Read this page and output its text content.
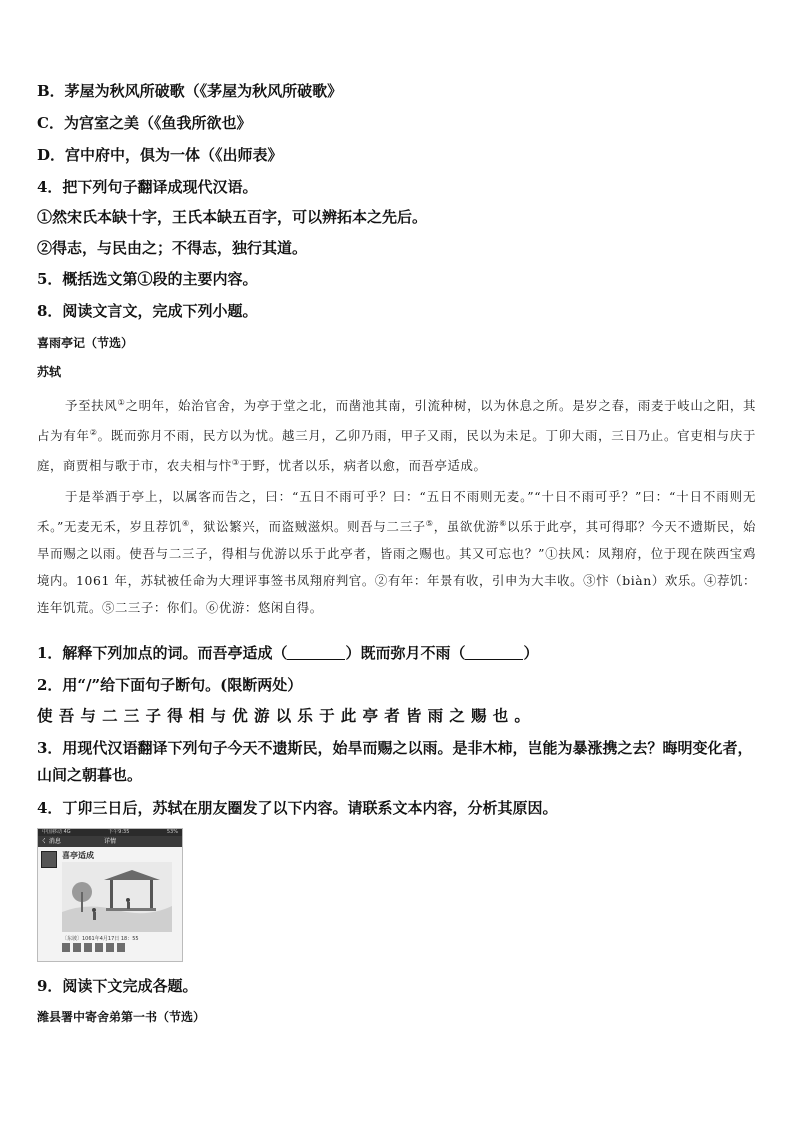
B．茅屋为秋风所破歌（《茅屋为秋风所破歌》
C．为宫室之美（《鱼我所欲也》
D．宫中府中，俱为一体（《出师表》
4．把下列句子翻译成现代汉语。
①然宋氏本缺十字，王氏本缺五百字，可以辨拓本之先后。
②得志，与民由之；不得志，独行其道。
5．概括选文第①段的主要内容。
8．阅读文言文，完成下列小题。
喜雨亭记（节选）
苏轼
予至扶风①之明年，始治官舍，为亭于堂之北，而凿池其南，引流种树，以为休息之所。是岁之春，雨麦于岐山之阳，其占为有年②。既而弥月不雨，民方以为忧。越三月，乙卯乃雨，甲子又雨，民以为未足。丁卯大雨，三日乃止。官吏相与庆于庭，商贾相与歌于市，农夫相与忭③于野，忧者以乐，病者以愈，而吾亭适成。
于是举酒于亭上，以属客而告之，曰：“五日不雨可乎？曰：“五日不雨则无麦。”“十日不雨可乎？”曰：“十日不雨则无禾。”无麦无禾，岁且荐饥④，狱讼繁兴，而盗贼滋炽。则吾与二三子⑤，虽欲优游⑥以乐于此亭，其可得耶？今天不遗斯民，始旱而赐之以雨。使吾与二三子，得相与优游以乐于此亭者，皆雨之赐也。其又可忘也？”①扶风：凤翔府，位于现在陕西宝鸡境内。1061 年，苏轼被任命为大理评事签书凤翔府判官。②有年：年景有收，引申为大丰收。③忭（biàn）欢乐。④荐饥：连年饥荒。⑤二三子：你们。⑥优游：悠闲自得。
1．解释下列加点的词。而吾亭适成（	）既而弥月不雨（	）
2．用“/”给下面句子断句。(限断两处）
使吾与二三子得相与优游以乐于此亭者皆雨之赐也。
3．用现代汉语翻译下列句子今天不遗斯民，始旱而赐之以雨。是非木柿，岂能为暴涨携之去？晦明变化者，山间之朝暮也。
4．丁卯三日后，苏轼在朋友圈发了以下内容。请联系文本内容，分析其原因。
中国移动 4G	下午9:35	53%
く 消息	详情
喜亭适成
〔东坡〕1061年4月17日 18：55
9．阅读下文完成各题。
潍县署中寄舍弟第一书（节选）
